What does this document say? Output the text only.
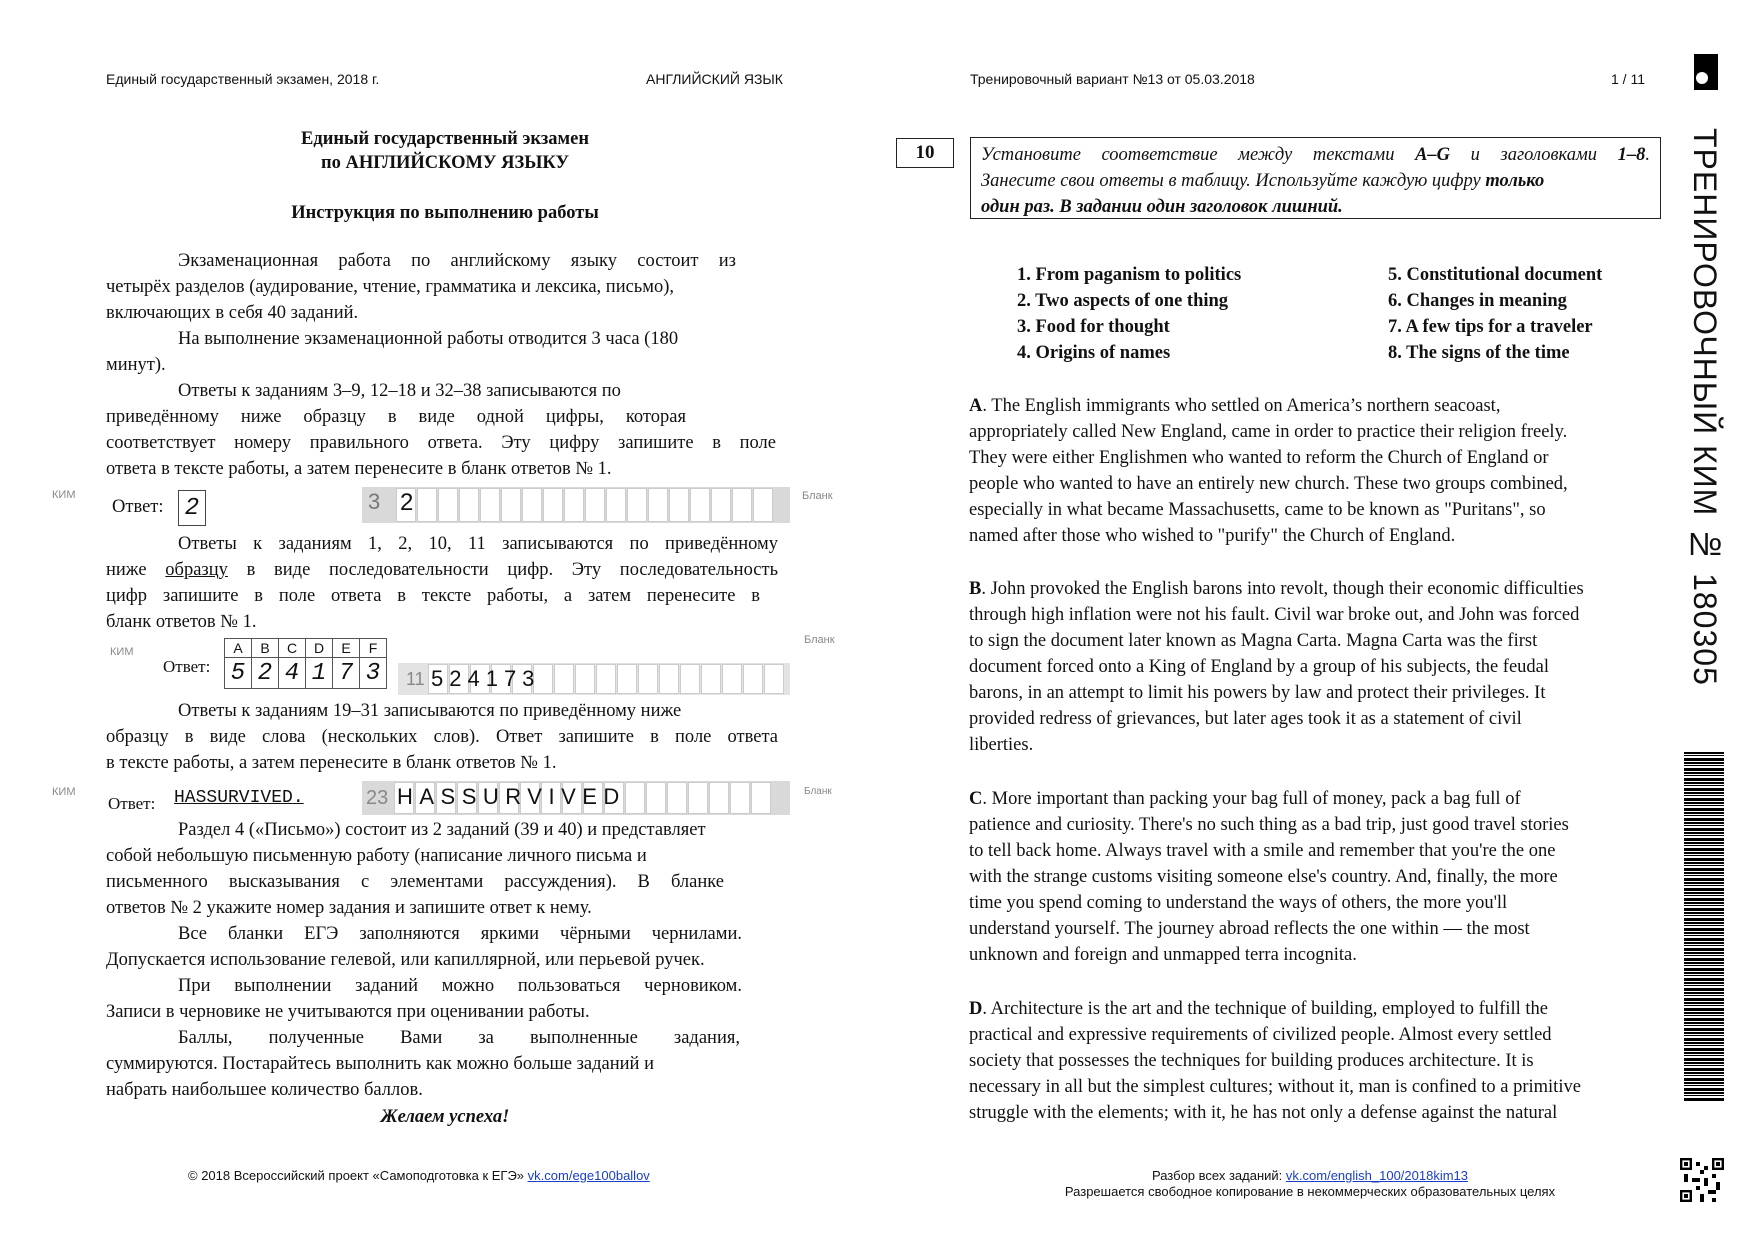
Единый государственный экзамен, 2018 г.	АНГЛИЙСКИЙ ЯЗЫК	Тренировочный вариант №13 от 05.03.2018	1 / 11
Единый государственный экзамен
по АНГЛИЙСКОМУ ЯЗЫКУ
Инструкция по выполнению работы
Экзаменационная работа по английскому языку состоит из
четырёх разделов (аудирование, чтение, грамматика и лексика, письмо),
включающих в себя 40 заданий.
На выполнение экзаменационной работы отводится 3 часа (180
минут).
Ответы к заданиям 3–9, 12–18 и 32–38 записываются по
приведённому ниже образцу в виде одной цифры, которая
соответствует номеру правильного ответа. Эту цифру запишите в поле
ответа в тексте работы, а затем перенесите в бланк ответов № 1.
КИМ
Ответ: 2	3 2	Бланк
Ответы к заданиям 1, 2, 10, 11 записываются по приведённому
ниже образцу в виде последовательности цифр. Эту последовательность
цифр запишите в поле ответа в тексте работы, а затем перенесите в
бланк ответов № 1.
КИМ
Ответ:
A	B	C	D	E	F
5	2	4	1	7	3 11 524173
Бланк
Ответы к заданиям 19–31 записываются по приведённому ниже
образцу в виде слова (нескольких слов). Ответ запишите в поле ответа
в тексте работы, а затем перенесите в бланк ответов № 1.
КИМ
Ответ: HASSURVIVED.	23 HASSURVIVED	Бланк
Раздел 4 («Письмо») состоит из 2 заданий (39 и 40) и представляет
собой небольшую письменную работу (написание личного письма и
письменного высказывания с элементами рассуждения). В бланке
ответов № 2 укажите номер задания и запишите ответ к нему.
Все бланки ЕГЭ заполняются яркими чёрными чернилами.
Допускается использование гелевой, или капиллярной, или перьевой ручек.
При выполнении заданий можно пользоваться черновиком.
Записи в черновике не учитываются при оценивании работы.
Баллы, полученные Вами за выполненные задания,
суммируются. Постарайтесь выполнить как можно больше заданий и
набрать наибольшее количество баллов.
Желаем успеха!
© 2018 Всероссийский проект «Самоподготовка к ЕГЭ» vk.com/ege100ballov
10	Установите соответствие между текстами A–G и заголовками 1–8.
Занесите свои ответы в таблицу. Используйте каждую цифру только
один раз. В задании один заголовок лишний.
1. From paganism to politics
2. Two aspects of one thing
3. Food for thought
4. Origins of names
5. Constitutional document
6. Changes in meaning
7. A few tips for a traveler
8. The signs of the time
A. The English immigrants who settled on America’s northern seacoast,
appropriately called New England, came in order to practice their religion freely.
They were either Englishmen who wanted to reform the Church of England or
people who wanted to have an entirely new church. These two groups combined,
especially in what became Massachusetts, came to be known as "Puritans", so
named after those who wished to "purify" the Church of England.
B. John provoked the English barons into revolt, though their economic difficulties
through high inflation were not his fault. Civil war broke out, and John was forced
to sign the document later known as Magna Carta. Magna Carta was the first
document forced onto a King of England by a group of his subjects, the feudal
barons, in an attempt to limit his powers by law and protect their privileges. It
provided redress of grievances, but later ages took it as a statement of civil
liberties.
C. More important than packing your bag full of money, pack a bag full of
patience and curiosity. There's no such thing as a bad trip, just good travel stories
to tell back home. Always travel with a smile and remember that you're the one
with the strange customs visiting someone else's country. And, finally, the more
time you spend coming to understand the ways of others, the more you'll
understand yourself. The journey abroad reflects the one within — the most
unknown and foreign and unmapped terra incognita.
D. Architecture is the art and the technique of building, employed to fulfill the
practical and expressive requirements of civilized people. Almost every settled
society that possesses the techniques for building produces architecture. It is
necessary in all but the simplest cultures; without it, man is confined to a primitive
struggle with the elements; with it, he has not only a defense against the natural
Разбор всех заданий: vk.com/english_100/2018kim13
Разрешается свободное копирование в некоммерческих образовательных целях
ТРЕНИРОВОЧНЫЙ КИМ № 180305
